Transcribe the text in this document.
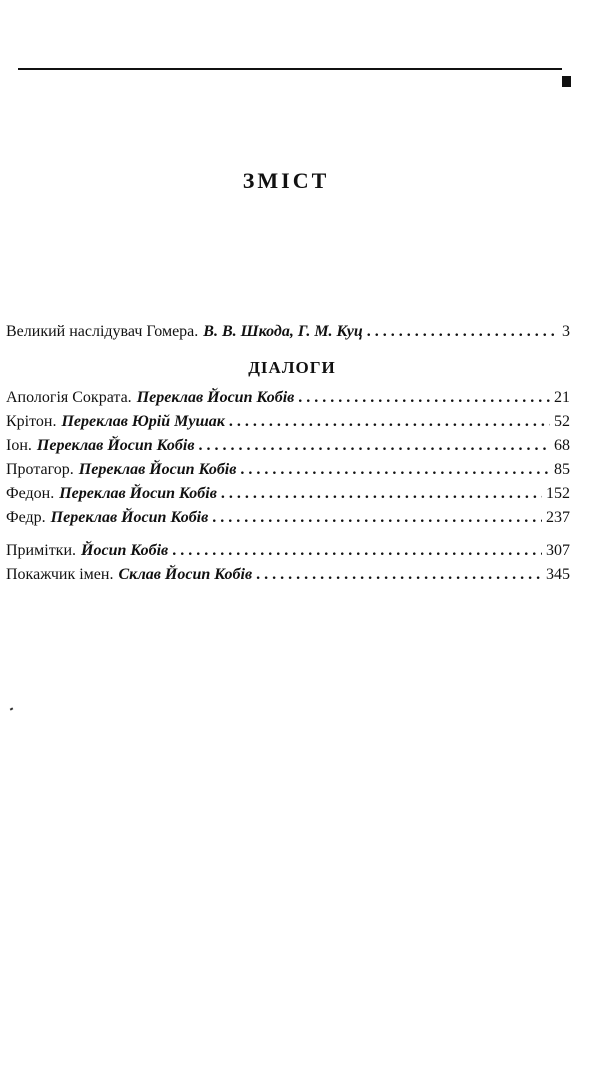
ЗМІСТ
Великий наслідувач Гомера. В. В. Шкода, Г. М. Куц . . .	3
ДІАЛОГИ
Апологія Сократа. Переклав Йосип Кобів . . .	21
Крітон. Переклав Юрій Мушак . . .	52
Іон. Переклав Йосип Кобів . . .	68
Протагор. Переклав Йосип Кобів . . .	85
Федон. Переклав Йосип Кобів . . .	152
Федр. Переклав Йосип Кобів . . .	237
Примітки. Йосип Кобів . . .	307
Покажчик імен. Склав Йосип Кобів . . .	345
